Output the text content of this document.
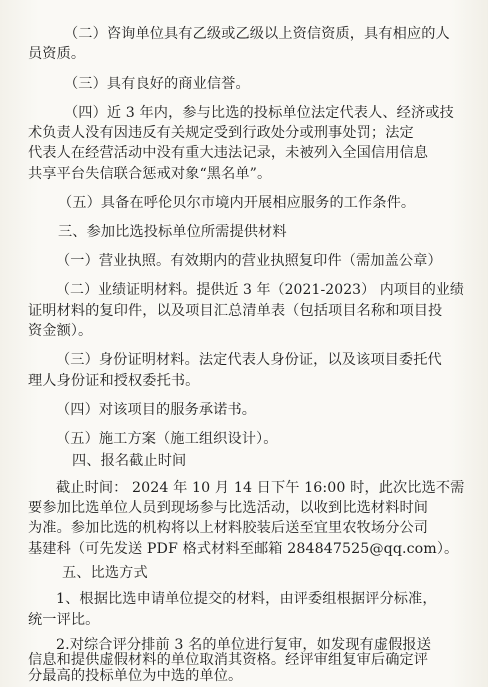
（二）咨询单位具有乙级或乙级以上资信资质，具有相应的人
员资质。
（三）具有良好的商业信誉。
（四）近 3 年内，参与比选的投标单位法定代表人、经济或技
术负责人没有因违反有关规定受到行政处分或刑事处罚；法定
代表人在经营活动中没有重大违法记录，未被列入全国信用信息
共享平台失信联合惩戒对象“黑名单”。
（五）具备在呼伦贝尔市境内开展相应服务的工作条件。
三、参加比选投标单位所需提供材料
（一）营业执照。有效期内的营业执照复印件（需加盖公章）
（二）业绩证明材料。提供近 3 年（2021-2023） 内项目的业绩
证明材料的复印件，以及项目汇总清单表（包括项目名称和项目投
资金额）。
（三）身份证明材料。法定代表人身份证，以及该项目委托代
理人身份证和授权委托书。
（四）对该项目的服务承诺书。
（五）施工方案（施工组织设计）。
四、报名截止时间
截止时间： 2024 年 10 月 14 日下午 16:00 时，此次比选不需
要参加比选单位人员到现场参与比选活动，以收到比选材料时间
为准。参加比选的机构将以上材料胶装后送至宜里农牧场分公司
基建科（可先发送 PDF 格式材料至邮箱 284847525@qq.com）。
五、比选方式
1、根据比选申请单位提交的材料，由评委组根据评分标准，
统一评比。
2.对综合评分排前 3 名的单位进行复审，如发现有虚假报送
信息和提供虚假材料的单位取消其资格。经评审组复审后确定评
分最高的投标单位为中选的单位。
